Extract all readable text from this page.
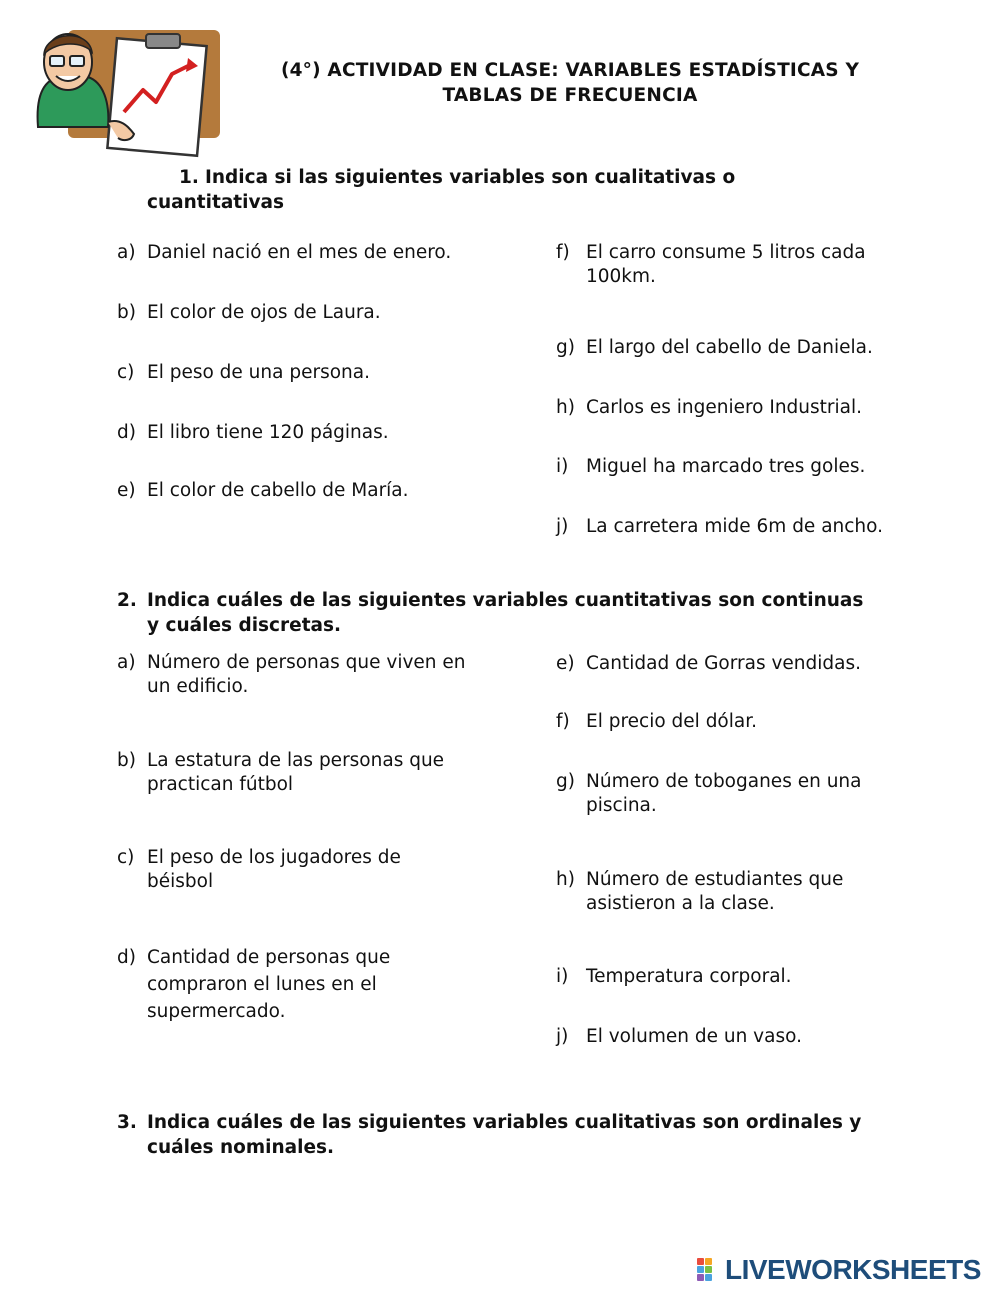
(4°) ACTIVIDAD EN CLASE: VARIABLES ESTADÍSTICAS Y
TABLAS DE FRECUENCIA
1. Indica si las siguientes variables son cualitativas o
cuantitativas
a) Daniel nació en el mes de enero.
b) El color de ojos de Laura.
c) El peso de una persona.
d) El libro tiene 120 páginas.
e) El color de cabello de María.
f) El carro consume 5 litros cada 100km.
g) El largo del cabello de Daniela.
h) Carlos es ingeniero Industrial.
i) Miguel ha marcado tres goles.
j) La carretera mide 6m de ancho.
2. Indica cuáles de las siguientes variables cuantitativas son continuas
y cuáles discretas.
a) Número de personas que viven en un edificio.
b) La estatura de las personas que practican fútbol
c) El peso de los jugadores de béisbol
d) Cantidad de personas que compraron el lunes en el supermercado.
e) Cantidad de Gorras vendidas.
f) El precio del dólar.
g) Número de toboganes en una piscina.
h) Número de estudiantes que asistieron a la clase.
i) Temperatura corporal.
j) El volumen de un vaso.
3. Indica cuáles de las siguientes variables cualitativas son ordinales y
cuáles nominales.
LIVEWORKSHEETS
